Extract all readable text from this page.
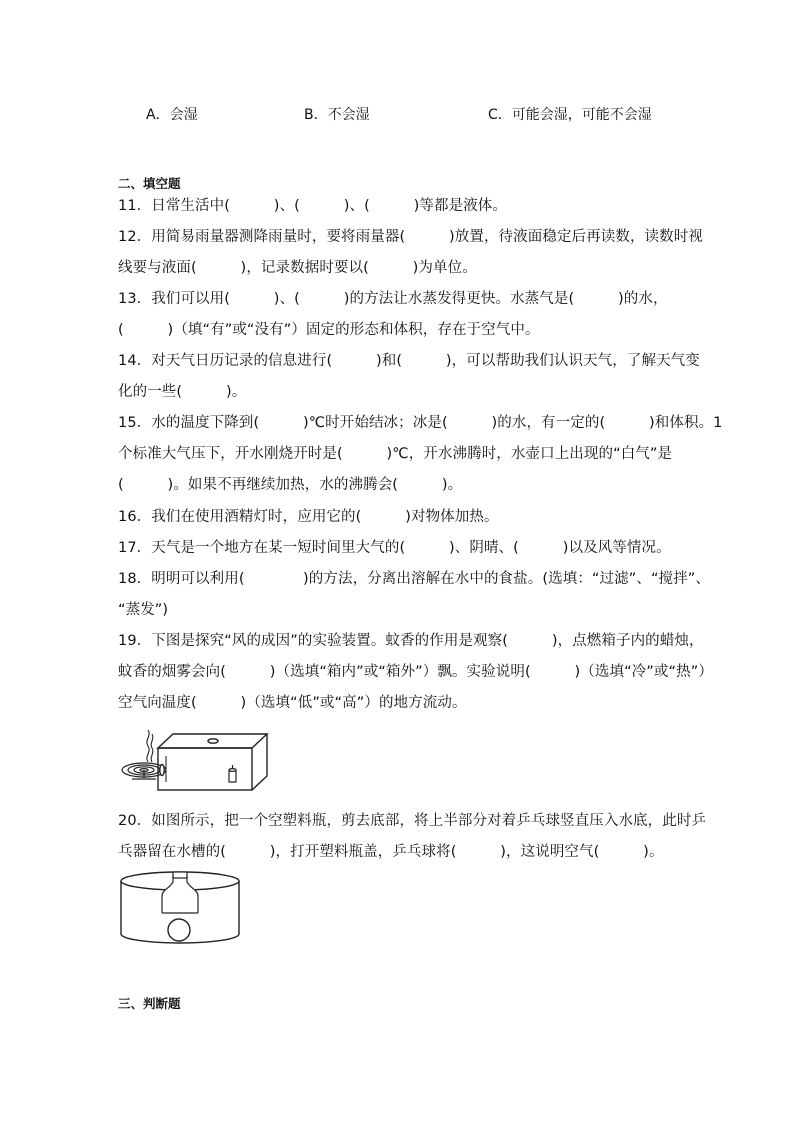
A．会湿	B．不会湿	C．可能会湿，可能不会湿
二、填空题
11．日常生活中(　　　)、(　　　)、(　　　)等都是液体。
12．用简易雨量器测降雨量时，要将雨量器(　　　)放置，待液面稳定后再读数，读数时视
线要与液面(　　　)，记录数据时要以(　　　)为单位。
13．我们可以用(　　　)、(　　　)的方法让水蒸发得更快。水蒸气是(　　　)的水，
(　　　)（填“有”或“没有”）固定的形态和体积，存在于空气中。
14．对天气日历记录的信息进行(　　　)和(　　　)，可以帮助我们认识天气，了解天气变
化的一些(　　　)。
15．水的温度下降到(　　　)℃时开始结冰；冰是(　　　)的水，有一定的(　　　)和体积。1
个标准大气压下，开水刚烧开时是(　　　)℃，开水沸腾时，水壶口上出现的“白气”是
(　　　)。如果不再继续加热，水的沸腾会(　　　)。
16．我们在使用酒精灯时，应用它的(　　　)对物体加热。
17．天气是一个地方在某一短时间里大气的(　　　)、阴晴、(　　　)以及风等情况。
18．明明可以利用(　　　　)的方法，分离出溶解在水中的食盐。(选填：“过滤”、“搅拌”、
“蒸发”)
19．下图是探究“风的成因”的实验装置。蚊香的作用是观察(　　　)，点燃箱子内的蜡烛，
蚊香的烟雾会向(　　　)（选填“箱内”或“箱外”）飘。实验说明(　　　)（选填“冷”或“热”）
空气向温度(　　　)（选填“低”或“高”）的地方流动。
20．如图所示，把一个空塑料瓶，剪去底部，将上半部分对着乒乓球竖直压入水底，此时乒
乓器留在水槽的(　　　)，打开塑料瓶盖，乒乓球将(　　　)，这说明空气(　　　)。
三、判断题
